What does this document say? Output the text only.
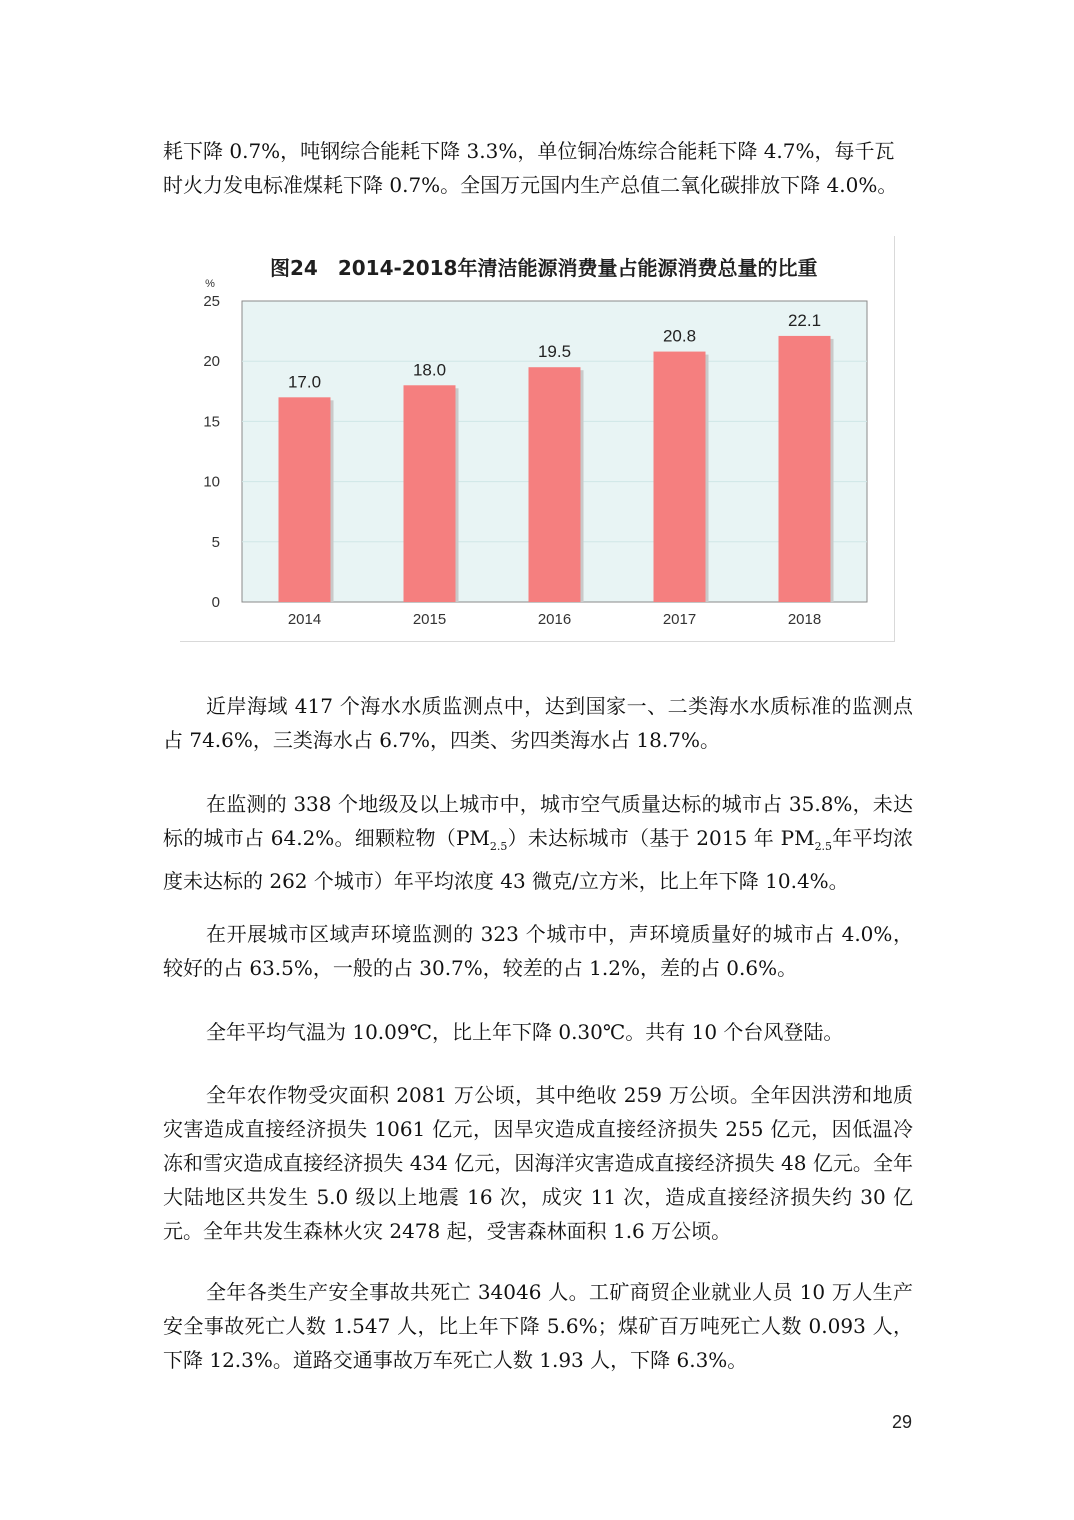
耗下降 0.7%，吨钢综合能耗下降 3.3%，单位铜冶炼综合能耗下降 4.7%，每千瓦
时火力发电标准煤耗下降 0.7%。全国万元国内生产总值二氧化碳排放下降 4.0%。

图24　2014-2018年清洁能源消费量占能源消费总量的比重
0
5
10
15
20
25
%
17.0
2014
18.0
2015
19.5
2016
20.8
2017
22.1
2018

近岸海域 417 个海水水质监测点中，达到国家一、二类海水水质标准的监测点占 74.6%，三类海水占 6.7%，四类、劣四类海水占 18.7%。

在监测的 338 个地级及以上城市中，城市空气质量达标的城市占 35.8%，未达标的城市占 64.2%。细颗粒物$(PM_{2.5})$未达标城市（基于 2015 年 $PM_{2.5}$年平均浓度未达标的 262 个城市）年平均浓度 43 微克/立方米，比上年下降 10.4%。

在开展城市区域声环境监测的 323 个城市中，声环境质量好的城市占 4.0%，较好的占 63.5%，一般的占 30.7%，较差的占 1.2%，差的占 0.6%。

全年平均气温为 10.09℃，比上年下降 0.30℃。共有 10 个台风登陆。

全年农作物受灾面积 2081 万公顷，其中绝收 259 万公顷。全年因洪涝和地质灾害造成直接经济损失 1061 亿元，因旱灾造成直接经济损失 255 亿元，因低温冷冻和雪灾造成直接经济损失 434 亿元，因海洋灾害造成直接经济损失 48 亿元。全年大陆地区共发生 5.0 级以上地震 16 次，成灾 11 次，造成直接经济损失约 30 亿元。全年共发生森林火灾 2478 起，受害森林面积 1.6 万公顷。

全年各类生产安全事故共死亡 34046 人。工矿商贸企业就业人员 10 万人生产安全事故死亡人数 1.547 人，比上年下降 5.6%；煤矿百万吨死亡人数 0.093 人，下降 12.3%。道路交通事故万车死亡人数 1.93 人，下降 6.3%。

29
